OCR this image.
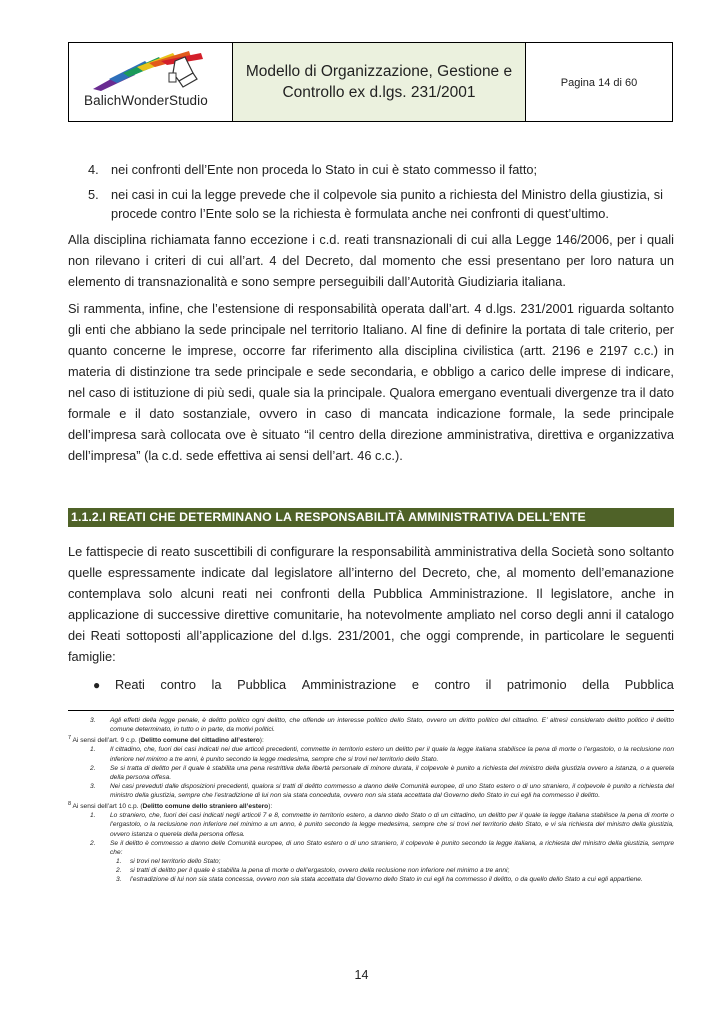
BalichWonderStudio
Modello di Organizzazione, Gestione e
Controllo ex d.lgs. 231/2001
Pagina 14 di 60
4. nei confronti dell’Ente non proceda lo Stato in cui è stato commesso il fatto;
5. nei casi in cui la legge prevede che il colpevole sia punito a richiesta del Ministro della giustizia, si procede contro l’Ente solo se la richiesta è formulata anche nei confronti di quest’ultimo.

Alla disciplina richiamata fanno eccezione i c.d. reati transnazionali di cui alla Legge 146/2006, per i quali non rilevano i criteri di cui all’art. 4 del Decreto, dal momento che essi presentano per loro natura un elemento di transnazionalità e sono sempre perseguibili dall’Autorità Giudiziaria italiana.

Si rammenta, infine, che l’estensione di responsabilità operata dall’art. 4 d.lgs. 231/2001 riguarda soltanto gli enti che abbiano la sede principale nel territorio Italiano. Al fine di definire la portata di tale criterio, per quanto concerne le imprese, occorre far riferimento alla disciplina civilistica (artt. 2196 e 2197 c.c.) in materia di distinzione tra sede principale e sede secondaria, e obbligo a carico delle imprese di indicare, nel caso di istituzione di più sedi, quale sia la principale. Qualora emergano eventuali divergenze tra il dato formale e il dato sostanziale, ovvero in caso di mancata indicazione formale, la sede principale dell’impresa sarà collocata ove è situato “il centro della direzione amministrativa, direttiva e organizzativa dell’impresa” (la c.d. sede effettiva ai sensi dell’art. 46 c.c.).

1.1.2.I REATI CHE DETERMINANO LA RESPONSABILITÀ AMMINISTRATIVA DELL’ENTE

Le fattispecie di reato suscettibili di configurare la responsabilità amministrativa della Società sono soltanto quelle espressamente indicate dal legislatore all’interno del Decreto, che, al momento dell’emanazione contemplava solo alcuni reati nei confronti della Pubblica Amministrazione. Il legislatore, anche in applicazione di successive direttive comunitarie, ha notevolmente ampliato nel corso degli anni il catalogo dei Reati sottoposti all’applicazione del d.lgs. 231/2001, che oggi comprende, in particolare le seguenti famiglie:

●	Reati contro la Pubblica Amministrazione e contro il patrimonio della Pubblica
3. Agli effetti della legge penale, è delitto politico ogni delitto, che offende un interesse politico dello Stato, ovvero un diritto politico del cittadino. E’ altresì considerato delitto politico il delitto comune determinato, in tutto o in parte, da motivi politici.
$^7$ Ai sensi dell’art. 9 c.p. (Delitto comune del cittadino all’estero):
1. Il cittadino, che, fuori dei casi indicati nei due articoli precedenti, commette in territorio estero un delitto per il quale la legge italiana stabilisce la pena di morte o l’ergastolo, o la reclusione non inferiore nel minimo a tre anni, è punito secondo la legge medesima, sempre che si trovi nel territorio dello Stato.
2. Se si tratta di delitto per il quale è stabilita una pena restrittiva della libertà personale di minore durata, il colpevole è punito a richiesta del ministro della giustizia ovvero a istanza, o a querela della persona offesa.
3. Nei casi preveduti dalle disposizioni precedenti, qualora si tratti di delitto commesso a danno delle Comunità europee, di uno Stato estero o di uno straniero, il colpevole è punito a richiesta del ministro della giustizia, sempre che l’estradizione di lui non sia stata conceduta, ovvero non sia stata accettata dal Governo dello Stato in cui egli ha commesso il delitto.
$^8$ Ai sensi dell’art 10 c.p. (Delitto comune dello straniero all’estero):
1. Lo straniero, che, fuori dei casi indicati negli articoli 7 e 8, commette in territorio estero, a danno dello Stato o di un cittadino, un delitto per il quale la legge italiana stabilisce la pena di morte o l’ergastolo, o la reclusione non inferiore nel minimo a un anno, è punito secondo la legge medesima, sempre che si trovi nel territorio dello Stato, e vi sia richiesta del ministro della giustizia, ovvero istanza o querela della persona offesa.
2. Se il delitto è commesso a danno delle Comunità europee, di uno Stato estero o di uno straniero, il colpevole è punito secondo la legge italiana, a richiesta del ministro della giustizia, sempre che:
1. si trovi nel territorio dello Stato;
2. si tratti di delitto per il quale è stabilita la pena di morte o dell’ergastolo, ovvero della reclusione non inferiore nel minimo a tre anni;
3. l’estradizione di lui non sia stata concessa, ovvero non sia stata accettata dal Governo dello Stato in cui egli ha commesso il delitto, o da quello dello Stato a cui egli appartiene.
14
